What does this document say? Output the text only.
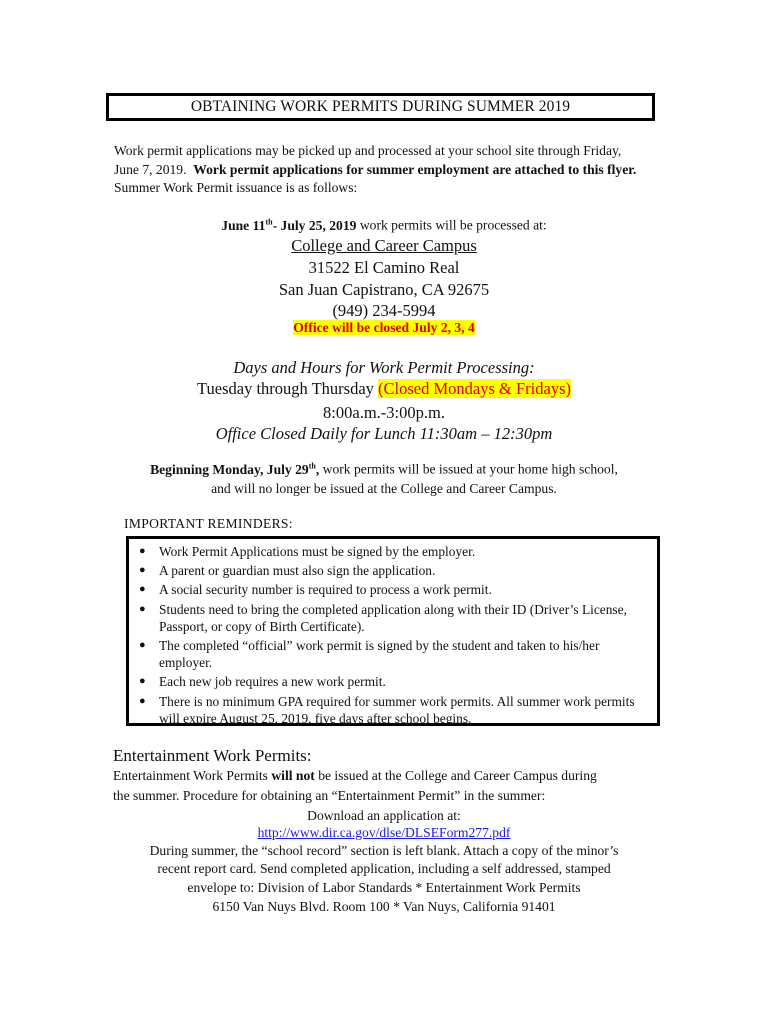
OBTAINING WORK PERMITS DURING SUMMER 2019
Work permit applications may be picked up and processed at your school site through Friday, June 7, 2019. Work permit applications for summer employment are attached to this flyer.  Summer Work Permit issuance is as follows:
June 11th- July 25, 2019 work permits will be processed at:
College and Career Campus
31522 El Camino Real
San Juan Capistrano, CA 92675
(949) 234-5994
Office will be closed July 2, 3, 4
Days and Hours for Work Permit Processing:
Tuesday through Thursday (Closed Mondays & Fridays)
8:00a.m.-3:00p.m.
Office Closed Daily for Lunch 11:30am – 12:30pm
Beginning Monday, July 29th, work permits will be issued at your home high school,
and will no longer be issued at the College and Career Campus.
IMPORTANT REMINDERS:
● Work Permit Applications must be signed by the employer.
● A parent or guardian must also sign the application.
● A social security number is required to process a work permit.
● Students need to bring the completed application along with their ID (Driver’s License, Passport, or copy of Birth Certificate).
● The completed “official” work permit is signed by the student and taken to his/her employer.
● Each new job requires a new work permit.
● There is no minimum GPA required for summer work permits. All summer work permits will expire August 25, 2019, five days after school begins.
Entertainment Work Permits:
Entertainment Work Permits will not be issued at the College and Career Campus during
the summer. Procedure for obtaining an “Entertainment Permit” in the summer:
Download an application at:
http://www.dir.ca.gov/dlse/DLSEForm277.pdf
During summer, the “school record” section is left blank. Attach a copy of the minor’s
recent report card. Send completed application, including a self addressed, stamped
envelope to: Division of Labor Standards * Entertainment Work Permits
6150 Van Nuys Blvd. Room 100 * Van Nuys, California 91401
